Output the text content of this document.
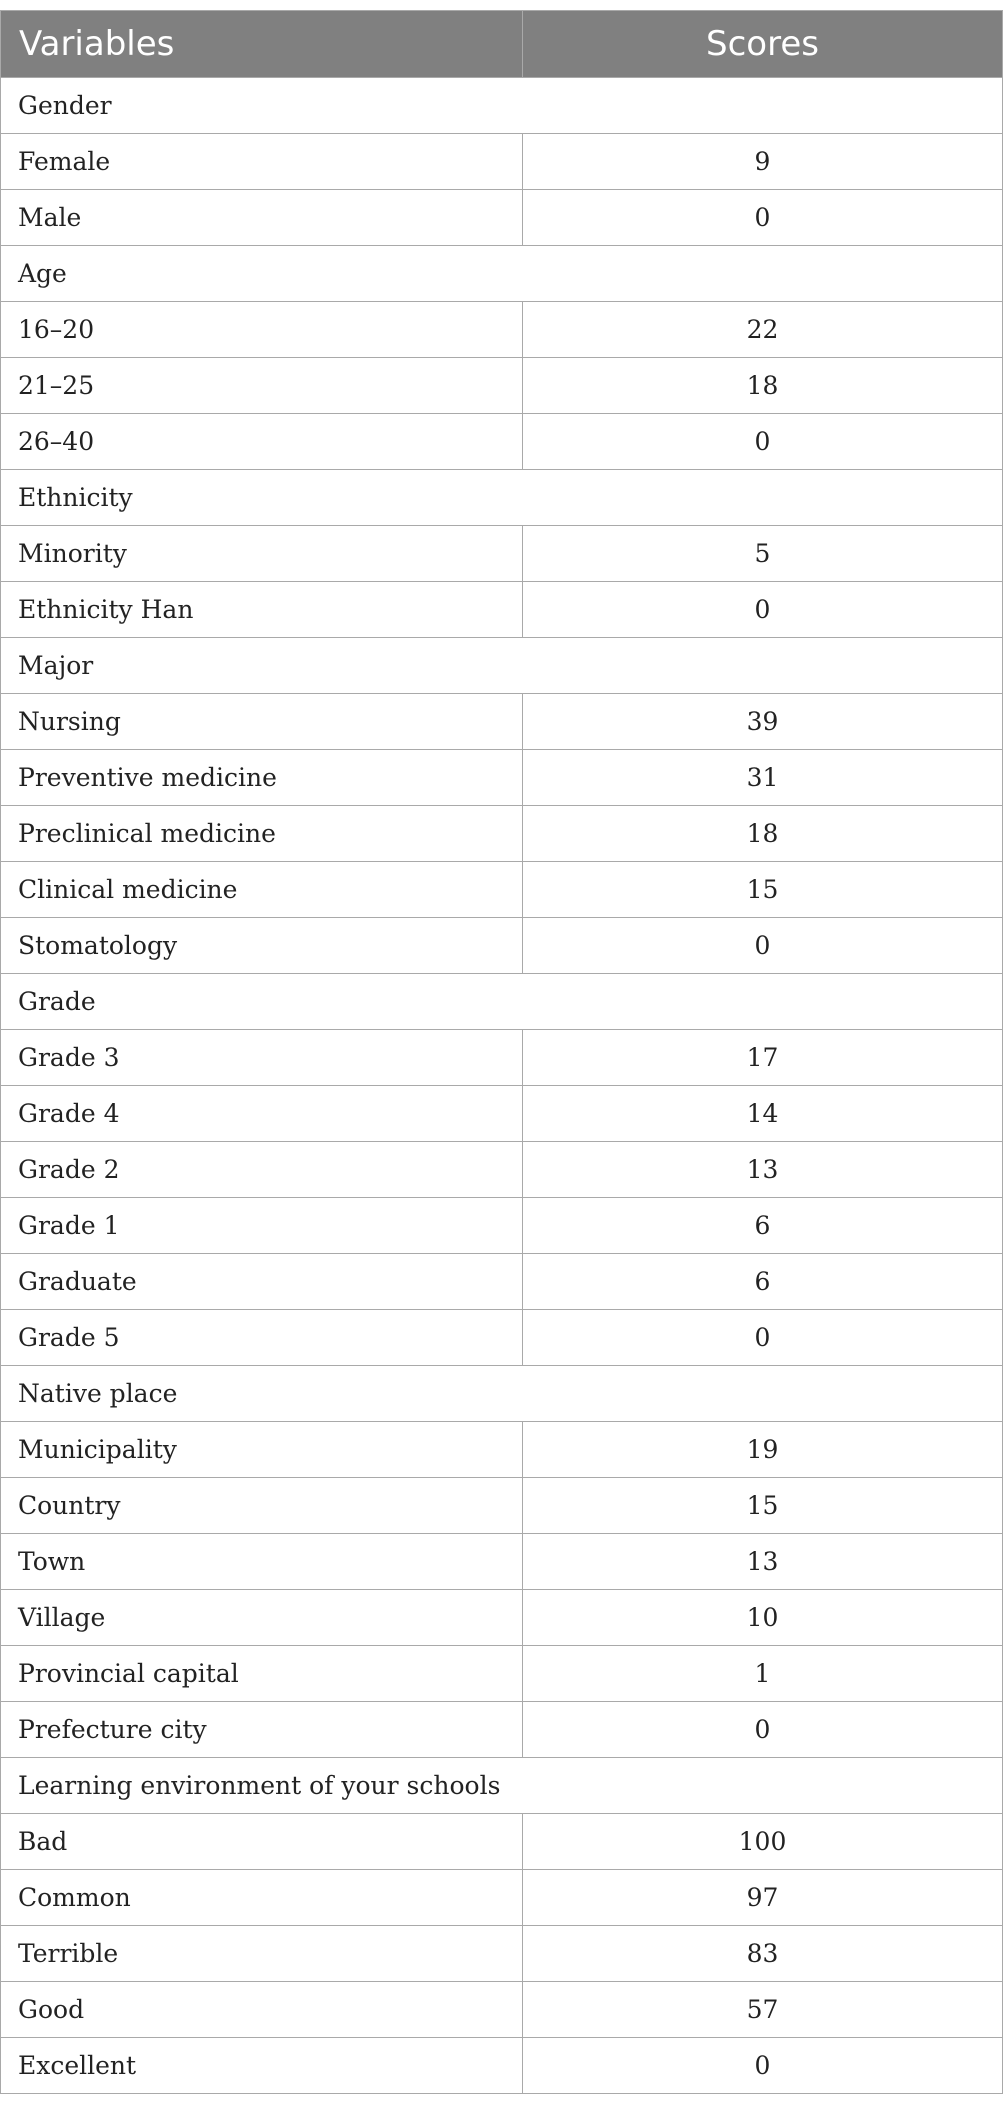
Variables	Scores
Gender	
Female	9
Male	0
Age	
16–20	22
21–25	18
26–40	0
Ethnicity	
Minority	5
Ethnicity Han	0
Major	
Nursing	39
Preventive medicine	31
Preclinical medicine	18
Clinical medicine	15
Stomatology	0
Grade	
Grade 3	17
Grade 4	14
Grade 2	13
Grade 1	6
Graduate	6
Grade 5	0
Native place	
Municipality	19
Country	15
Town	13
Village	10
Provincial capital	1
Prefecture city	0
Learning environment of your schools	
Bad	100
Common	97
Terrible	83
Good	57
Excellent	0
